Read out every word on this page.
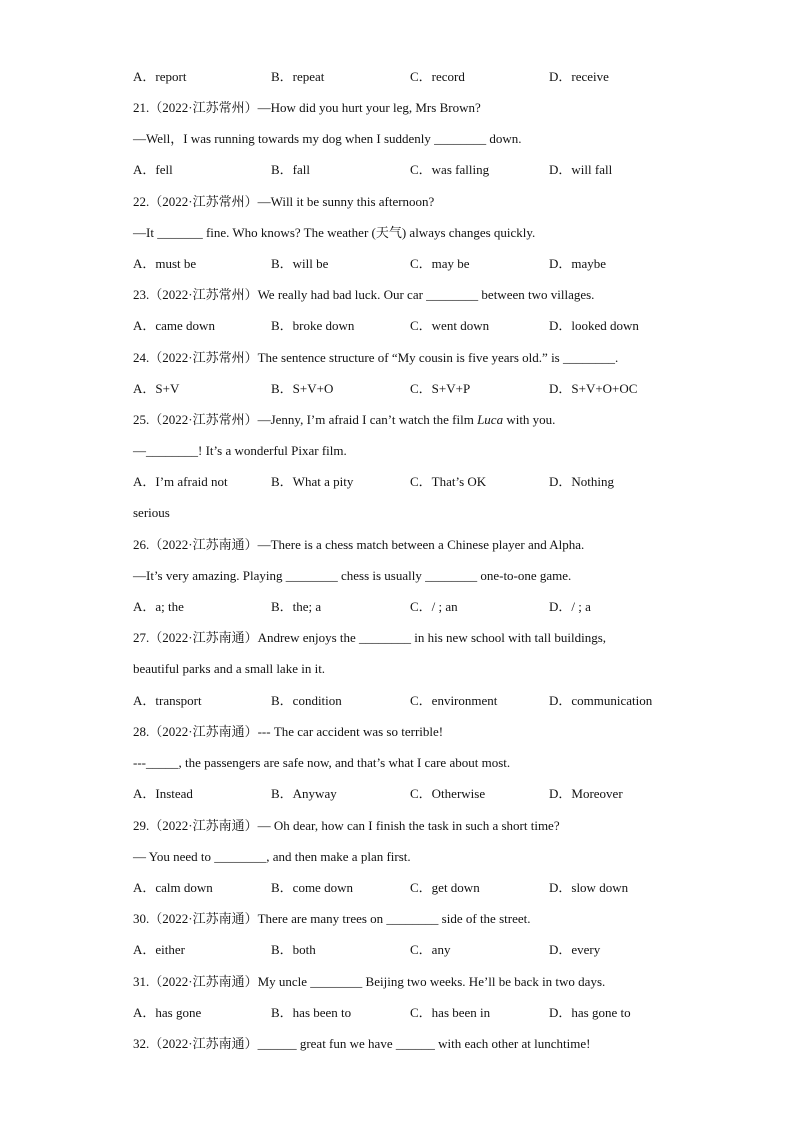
A．report	B．repeat	C．record	D．receive
21.（2022·江苏常州）—How did you hurt your leg, Mrs Brown?
—Well，I was running towards my dog when I suddenly ________ down.
A．fell	B．fall	C．was falling	D．will fall
22.（2022·江苏常州）—Will it be sunny this afternoon?
—It _______ fine. Who knows? The weather (天气) always changes quickly.
A．must be	B．will be	C．may be	D．maybe
23.（2022·江苏常州）We really had bad luck. Our car ________ between two villages.
A．came down	B．broke down	C．went down	D．looked down
24.（2022·江苏常州）The sentence structure of “My cousin is five years old.” is ________.
A．S+V	B．S+V+O	C．S+V+P	D．S+V+O+OC
25.（2022·江苏常州）—Jenny, I’m afraid I can’t watch the film Luca with you.
—________! It’s a wonderful Pixar film.
A．I’m afraid not	B．What a pity	C．That’s OK	D．Nothing
serious
26.（2022·江苏南通）—There is a chess match between a Chinese player and Alpha.
—It’s very amazing. Playing ________ chess is usually ________ one-to-one game.
A．a; the	B．the; a	C．/ ; an	D．/ ; a
27.（2022·江苏南通）Andrew enjoys the ________ in his new school with tall buildings,
beautiful parks and a small lake in it.
A．transport	B．condition	C．environment	D．communication
28.（2022·江苏南通）--- The car accident was so terrible!
---_____, the passengers are safe now, and that’s what I care about most.
A．Instead	B．Anyway	C．Otherwise	D．Moreover
29.（2022·江苏南通）— Oh dear, how can I finish the task in such a short time?
— You need to ________, and then make a plan first.
A．calm down	B．come down	C．get down	D．slow down
30.（2022·江苏南通）There are many trees on ________ side of the street.
A．either	B．both	C．any	D．every
31.（2022·江苏南通）My uncle ________ Beijing two weeks. He’ll be back in two days.
A．has gone	B．has been to	C．has been in	D．has gone to
32.（2022·江苏南通）______ great fun we have ______ with each other at lunchtime!
